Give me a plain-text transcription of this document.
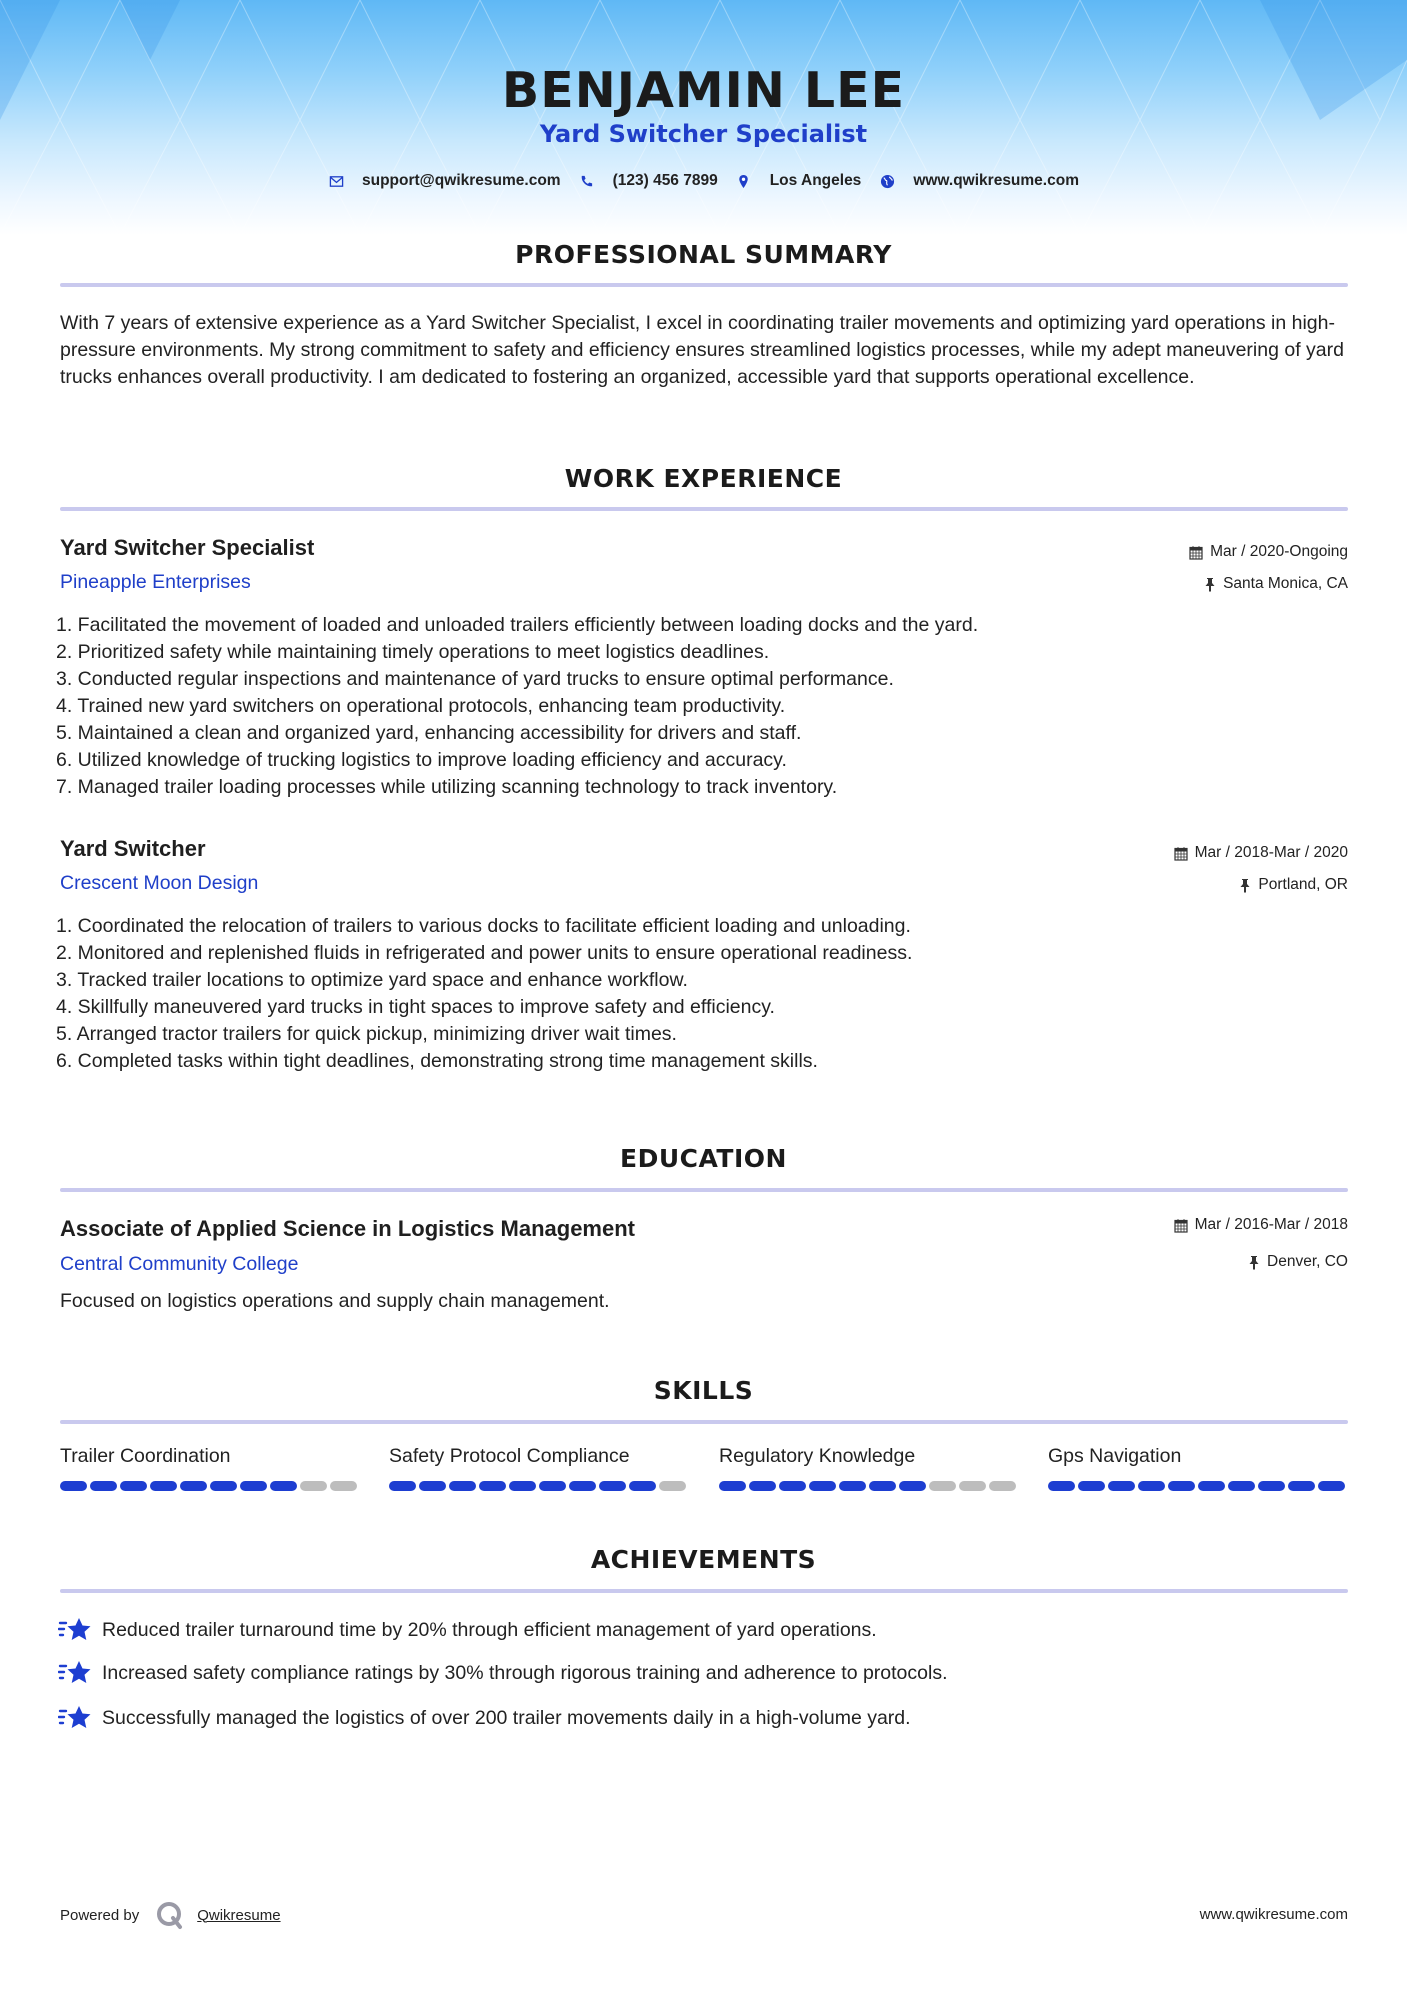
BENJAMIN LEE
Yard Switcher Specialist
support@qwikresume.com	(123) 456 7899	Los Angeles	www.qwikresume.com
PROFESSIONAL SUMMARY
With 7 years of extensive experience as a Yard Switcher Specialist, I excel in coordinating trailer movements and optimizing yard operations in high-pressure environments. My strong commitment to safety and efficiency ensures streamlined logistics processes, while my adept maneuvering of yard trucks enhances overall productivity. I am dedicated to fostering an organized, accessible yard that supports operational excellence.
WORK EXPERIENCE
Yard Switcher Specialist
Pineapple Enterprises
Mar / 2020-Ongoing
Santa Monica, CA
1. Facilitated the movement of loaded and unloaded trailers efficiently between loading docks and the yard.
2. Prioritized safety while maintaining timely operations to meet logistics deadlines.
3. Conducted regular inspections and maintenance of yard trucks to ensure optimal performance.
4. Trained new yard switchers on operational protocols, enhancing team productivity.
5. Maintained a clean and organized yard, enhancing accessibility for drivers and staff.
6. Utilized knowledge of trucking logistics to improve loading efficiency and accuracy.
7. Managed trailer loading processes while utilizing scanning technology to track inventory.
Yard Switcher
Crescent Moon Design
Mar / 2018-Mar / 2020
Portland, OR
1. Coordinated the relocation of trailers to various docks to facilitate efficient loading and unloading.
2. Monitored and replenished fluids in refrigerated and power units to ensure operational readiness.
3. Tracked trailer locations to optimize yard space and enhance workflow.
4. Skillfully maneuvered yard trucks in tight spaces to improve safety and efficiency.
5. Arranged tractor trailers for quick pickup, minimizing driver wait times.
6. Completed tasks within tight deadlines, demonstrating strong time management skills.
EDUCATION
Associate of Applied Science in Logistics Management
Central Community College
Mar / 2016-Mar / 2018
Denver, CO
Focused on logistics operations and supply chain management.
SKILLS
Trailer Coordination	Safety Protocol Compliance	Regulatory Knowledge	Gps Navigation
ACHIEVEMENTS
Reduced trailer turnaround time by 20% through efficient management of yard operations.
Increased safety compliance ratings by 30% through rigorous training and adherence to protocols.
Successfully managed the logistics of over 200 trailer movements daily in a high-volume yard.
Powered by	Qwikresume	www.qwikresume.com
